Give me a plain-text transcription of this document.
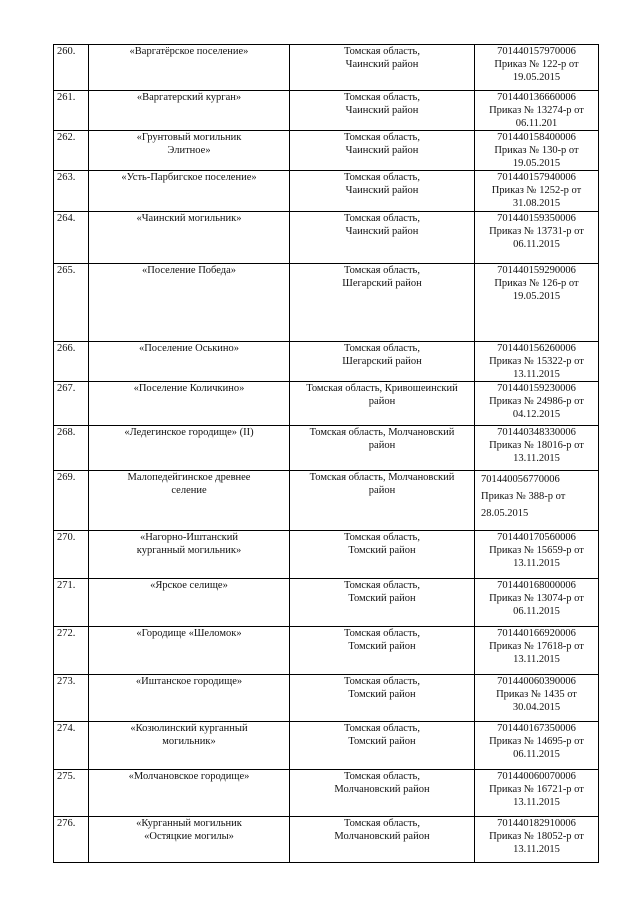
260.	«Варгатёрское поселение»	Томская область,
Чаинский район	701440157970006
Приказ № 122-р от
19.05.2015

261.	«Варгатерский курган»	Томская область,
Чаинский район	701440136660006
Приказ № 13274-р от
06.11.201

262.	«Грунтовый могильник
Элитное»	Томская область,
Чаинский район	701440158400006
Приказ № 130-р от
19.05.2015

263.	«Усть-Парбигское поселение»	Томская область,
Чаинский район	701440157940006
Приказ № 1252-р от
31.08.2015

264.	«Чаинский могильник»	Томская область,
Чаинский район	701440159350006
Приказ № 13731-р от
06.11.2015

265.	«Поселение Победа»	Томская область,
Шегарский район	701440159290006
Приказ № 126-р от
19.05.2015

266.	«Поселение Оськино»	Томская область,
Шегарский район	701440156260006
Приказ № 15322-р от
13.11.2015

267.	«Поселение Количкино»	Томская область, Кривошеинский
район	701440159230006
Приказ № 24986-р от
04.12.2015

268.	«Ледегинское городище» (II)	Томская область, Молчановский
район	701440348330006
Приказ № 18016-р от
13.11.2015

269.	Малопедейгинское древнее
селение	Томская область, Молчановский
район	701440056770006
Приказ № 388-р от
28.05.2015

270.	«Нагорно-Иштанский
курганный могильник»	Томская область,
Томский район	701440170560006
Приказ № 15659-р от
13.11.2015

271.	«Ярское селище»	Томская область,
Томский район	701440168000006
Приказ № 13074-р от
06.11.2015

272.	«Городище «Шеломок»	Томская область,
Томский район	701440166920006
Приказ № 17618-р от
13.11.2015

273.	«Иштанское городище»	Томская область,
Томский район	701440060390006
Приказ № 1435 от
30.04.2015

274.	«Козюлинский курганный
могильник»	Томская область,
Томский район	701440167350006
Приказ № 14695-р от
06.11.2015

275.	«Молчановское городище»	Томская область,
Молчановский район	701440060070006
Приказ № 16721-р от
13.11.2015

276.	«Курганный могильник
«Остяцкие могилы»	Томская область,
Молчановский район	701440182910006
Приказ № 18052-р от
13.11.2015
